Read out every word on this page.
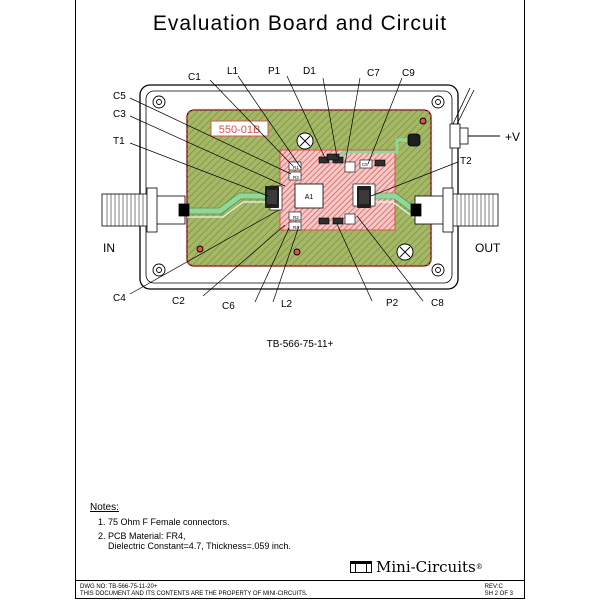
Evaluation Board and Circuit
550-01B
A1
R1
R3
R2
R4
C5
+V
IN	OUT
C1
L1	P1 D1	C7 C9
C5
C3
T1
T2
C4	C2	C6	L2	P2	C8
TB-566-75-11+
Notes:
1. 75 Ohm F Female connectors.
2. PCB Material: FR4,
Dielectric Constant=4.7, Thickness=.059 inch.
Mini-Circuits ®
DWG NO: TB-566-75-11-20+
THIS DOCUMENT AND ITS CONTENTS ARE THE PROPERTY OF MINI-CIRCUITS.
REV:C
SH 2 OF 3
